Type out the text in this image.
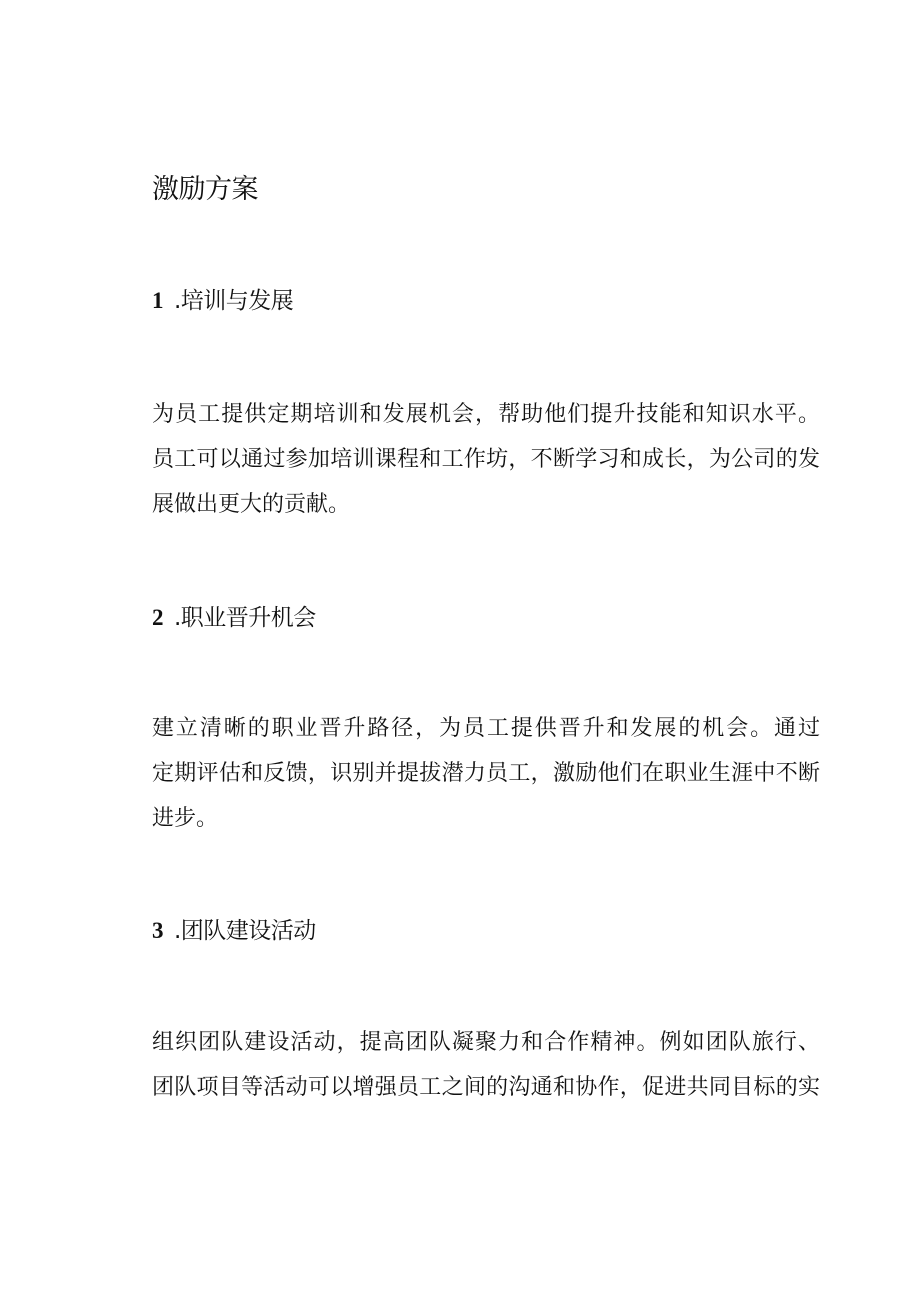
激励方案
1 .培训与发展
为员工提供定期培训和发展机会，帮助他们提升技能和知识水平。
员工可以通过参加培训课程和工作坊，不断学习和成长，为公司的发
展做出更大的贡献。
2 .职业晋升机会
建立清晰的职业晋升路径，为员工提供晋升和发展的机会。通过
定期评估和反馈，识别并提拔潜力员工，激励他们在职业生涯中不断
进步。
3 .团队建设活动
组织团队建设活动，提高团队凝聚力和合作精神。例如团队旅行、
团队项目等活动可以增强员工之间的沟通和协作，促进共同目标的实
